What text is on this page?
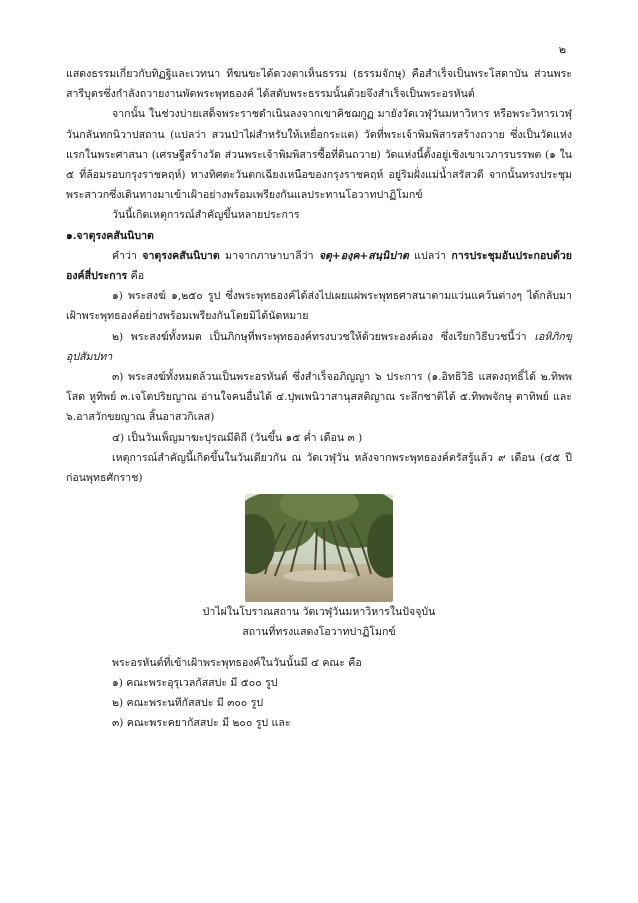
๒

แสดงธรรมเกี่ยวกับทิฏฐิและเวทนา ทีฆนขะได้ดวงตาเห็นธรรม (ธรรมจักษุ) คือสำเร็จเป็นพระโสดาบัน ส่วนพระสารีบุตรซึ่งกำลังถวายงานพัดพระพุทธองค์ ได้สดับพระธรรมนั้นด้วยจึงสำเร็จเป็นพระอรหันต์

จากนั้น ในช่วงบ่ายเสด็จพระราชดำเนินลงจากเขาคิชฌกูฏ มายังวัดเวฬุวันมหาวิหาร หรือพระวิหารเวฬุวันกลันทกนิวาปสถาน (แปลว่า สวนป่าไผ่สำหรับให้เหยื่อกระแต) วัดที่พระเจ้าพิมพิสารสร้างถวาย ซึ่งเป็นวัดแห่งแรกในพระศาสนา (เศรษฐีสร้างวัด ส่วนพระเจ้าพิมพิสารซื้อที่ดินถวาย) วัดแห่งนี้ตั้งอยู่เชิงเขาเวภารบรรพต (๑ ใน ๕ ที่ล้อมรอบกรุงราชคฤห์) ทางทิศตะวันตกเฉียงเหนือของกรุงราชคฤห์ อยู่ริมฝั่งแม่น้ำสรัสวดี จากนั้นทรงประชุมพระสาวกซึ่งเดินทางมาเข้าเฝ้าอย่างพร้อมเพรียงกันแลประทานโอวาทปาฏิโมกข์

วันนี้เกิดเหตุการณ์สำคัญขึ้นหลายประการ

๑.จาตุรงคสันนิบาต

คำว่า จาตุรงคสันนิบาต มาจากภาษาบาลีว่า จตุ+องฺค+สนฺนิปาต แปลว่า การประชุมอันประกอบด้วยองค์สี่ประการ คือ

๑) พระสงฆ์ ๑,๒๕๐ รูป ซึ่งพระพุทธองค์ได้ส่งไปเผยแผ่พระพุทธศาสนาตามแว่นแคว้นต่างๆ ได้กลับมาเฝ้าพระพุทธองค์อย่างพร้อมเพรียงกันโดยมิได้นัดหมาย

๒) พระสงฆ์ทั้งหมด เป็นภิกษุที่พระพุทธองค์ทรงบวชให้ด้วยพระองค์เอง ซึ่งเรียกวิธีบวชนี้ว่า เอหิภิกขุอุปสัมปทา

๓) พระสงฆ์ทั้งหมดล้วนเป็นพระอรหันต์ ซึ่งสำเร็จอภิญญา ๖ ประการ (๑.อิทธิวิธิ แสดงฤทธิ์ได้ ๒.ทิพพโสต หูทิพย์ ๓.เจโตปริยญาณ อ่านใจคนอื่นได้ ๔.ปุพเพนิวาสานุสสติญาณ ระลึกชาติได้ ๕.ทิพพจักษุ ตาทิพย์ และ ๖.อาสวักขยญาณ สิ้นอาสวกิเลส)

๔) เป็นวันเพ็ญมาฆะปุรณมีดิถี (วันขึ้น ๑๕ ค่ำ เดือน ๓ )

เหตุการณ์สำคัญนี้เกิดขึ้นในวันเดียวกัน ณ วัดเวฬุวัน หลังจากพระพุทธองค์ตรัสรู้แล้ว ๙ เดือน (๔๕ ปี ก่อนพุทธศักราช)

ป่าไผ่ในโบราณสถาน วัดเวฬุวันมหาวิหารในปัจจุบัน

สถานที่ทรงแสดงโอวาทปาฏิโมกข์

พระอรหันต์ที่เข้าเฝ้าพระพุทธองค์ในวันนั้นมี ๔ คณะ คือ

๑) คณะพระอุรุเวลกัสสปะ มี ๕๐๐ รูป

๒) คณะพระนทีกัสสปะ มี ๓๐๐ รูป

๓) คณะพระคยากัสสปะ มี ๒๐๐ รูป และ
